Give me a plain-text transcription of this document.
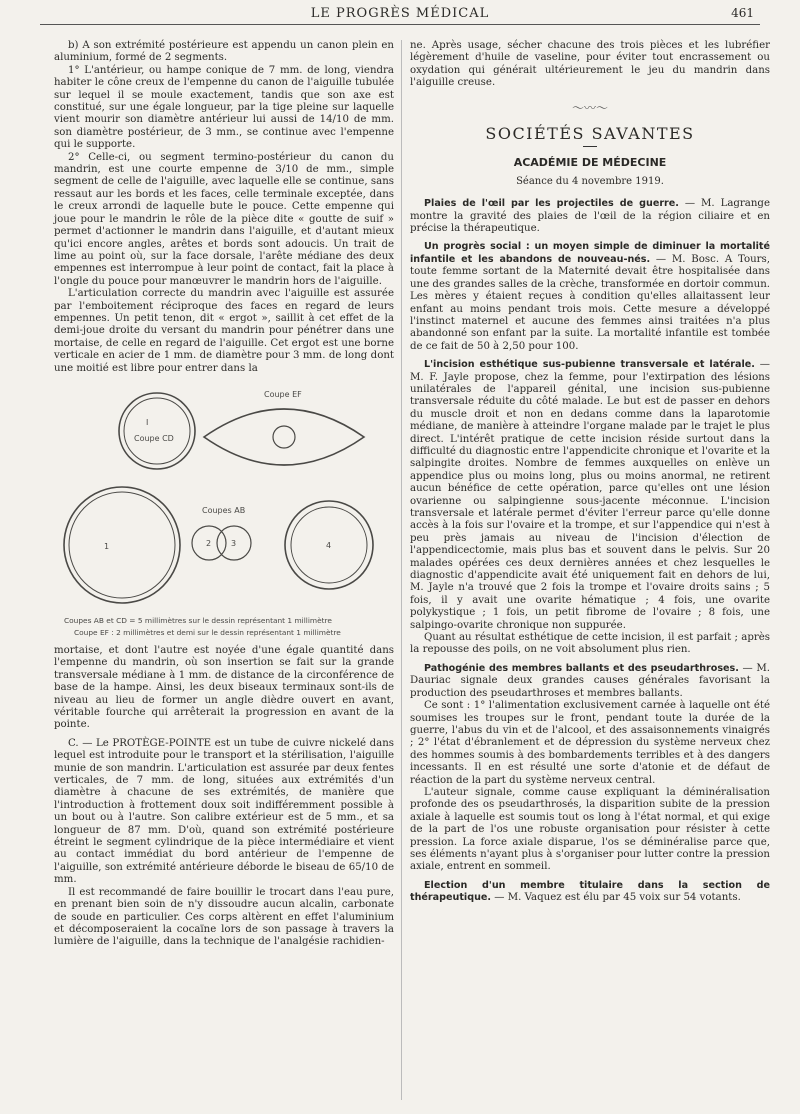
LE PROGRÈS MÉDICAL	461

b) A son extrémité postérieure est appendu un canon plein en aluminium, formé de 2 segments.

1° L'antérieur, ou hampe conique de 7 mm. de long, viendra habiter le cône creux de l'empenne du canon de l'aiguille tubulée sur lequel il se moule exactement, tandis que son axe est constitué, sur une égale longueur, par la tige pleine sur laquelle vient mourir son diamètre antérieur lui aussi de 14/10 de mm. son diamètre postérieur, de 3 mm., se continue avec l'empenne qui le supporte.

2° Celle-ci, ou segment termino-postérieur du canon du mandrin, est une courte empenne de 3/10 de mm., simple segment de celle de l'aiguille, avec laquelle elle se continue, sans ressaut aur les bords et les faces, celle terminale exceptée, dans le creux arrondi de laquelle bute le pouce. Cette empenne qui joue pour le mandrin le rôle de la pièce dite « goutte de suif » permet d'actionner le mandrin dans l'aiguille, et d'autant mieux qu'ici encore angles, arêtes et bords sont adoucis. Un trait de lime au point où, sur la face dorsale, l'arête médiane des deux empennes est interrompue à leur point de contact, fait la place à l'ongle du pouce pour manœuvrer le mandrin hors de l'aiguille.

L'articulation correcte du mandrin avec l'aiguille est assurée par l'emboitement réciproque des faces en regard de leurs empennes. Un petit tenon, dit « ergot », saillit à cet effet de la demi-joue droite du versant du mandrin pour pénétrer dans une mortaise, de celle en regard de l'aiguille. Cet ergot est une borne verticale en acier de 1 mm. de diamètre pour 3 mm. de long dont une moitié est libre pour entrer dans la

I
Coupe CD
Coupe EF
Coupes AB
1	2 3	4
Coupes AB et CD = 5 millimètres sur le dessin représentant 1 millimètre
Coupe EF : 2 millimètres et demi sur le dessin représentant 1 millimètre

mortaise, et dont l'autre est noyée d'une égale quantité dans l'empenne du mandrin, où son insertion se fait sur la grande transversale médiane à 1 mm. de distance de la circonférence de base de la hampe. Ainsi, les deux biseaux terminaux sont-ils de niveau au lieu de former un angle dièdre ouvert en avant, véritable fourche qui arrêterait la progression en avant de la pointe.

C. — Le PROTÈGE-POINTE est un tube de cuivre nickelé dans lequel est introduite pour le transport et la stérilisation, l'aiguille munie de son mandrin. L'articulation est assurée par deux fentes verticales, de 7 mm. de long, situées aux extrémités d'un diamètre à chacune de ses extrémités, de manière que l'introduction à frottement doux soit indifféremment possible à un bout ou à l'autre. Son calibre extérieur est de 5 mm., et sa longueur de 87 mm. D'où, quand son extrémité postérieure étreint le segment cylindrique de la pièce intermédiaire et vient au contact immédiat du bord antérieur de l'empenne de l'aiguille, son extrémité antérieure déborde le biseau de 65/10 de mm.

Il est recommandé de faire bouillir le trocart dans l'eau pure, en prenant bien soin de n'y dissoudre aucun alcalin, carbonate de soude en particulier. Ces corps altèrent en effet l'aluminium et décomposeraient la cocaïne lors de son passage à travers la lumière de l'aiguille, dans la technique de l'analgésie rachidien-

ne. Après usage, sécher chacune des trois pièces et les lubréfier légèrement d'huile de vaseline, pour éviter tout encrassement ou oxydation qui générait ultérieurement le jeu du mandrin dans l'aiguille creuse.

〜〰〜
SOCIÉTÉS SAVANTES
ACADÉMIE DE MÉDECINE
Séance du 4 novembre 1919.

Plaies de l'œil par les projectiles de guerre. — M. Lagrange montre la gravité des plaies de l'œil de la région ciliaire et en précise la thérapeutique.

Un progrès social : un moyen simple de diminuer la mortalité infantile et les abandons de nouveau-nés. — M. Bosc. A Tours, toute femme sortant de la Maternité devait être hospitalisée dans une des grandes salles de la crèche, transformée en dortoir commun. Les mères y étaient reçues à condition qu'elles allaitassent leur enfant au moins pendant trois mois. Cette mesure a développé l'instinct maternel et aucune des femmes ainsi traitées n'a plus abandonné son enfant par la suite. La mortalité infantile est tombée de ce fait de 50 à 2,50 pour 100.

L'incision esthétique sus-pubienne transversale et latérale. — M. F. Jayle propose, chez la femme, pour l'extirpation des lésions unilatérales de l'appareil génital, une incision sus-pubienne transversale réduite du côté malade. Le but est de passer en dehors du muscle droit et non en dedans comme dans la laparotomie médiane, de manière à atteindre l'organe malade par le trajet le plus direct. L'intérêt pratique de cette incision réside surtout dans la difficulté du diagnostic entre l'appendicite chronique et l'ovarite et la salpingite droites. Nombre de femmes auxquelles on enlève un appendice plus ou moins long, plus ou moins anormal, ne retirent aucun bénéfice de cette opération, parce qu'elles ont une lésion ovarienne ou salpingienne sous-jacente méconnue. L'incision transversale et latérale permet d'éviter l'erreur parce qu'elle donne accès à la fois sur l'ovaire et la trompe, et sur l'appendice qui n'est à peu près jamais au niveau de l'incision d'élection de l'appendicectomie, mais plus bas et souvent dans le pelvis. Sur 20 malades opérées ces deux dernières années et chez lesquelles le diagnostic d'appendicite avait été uniquement fait en dehors de lui, M. Jayle n'a trouvé que 2 fois la trompe et l'ovaire droits sains ; 5 fois, il y avait une ovarite hématique ; 4 fois, une ovarite polykystique ; 1 fois, un petit fibrome de l'ovaire ; 8 fois, une salpingo-ovarite chronique non suppurée.

Quant au résultat esthétique de cette incision, il est parfait ; après la repousse des poils, on ne voit absolument plus rien.

Pathogénie des membres ballants et des pseudarthroses. — M. Dauriac signale deux grandes causes générales favorisant la production des pseudarthroses et membres ballants.

Ce sont : 1° l'alimentation exclusivement carnée à laquelle ont été soumises les troupes sur le front, pendant toute la durée de la guerre, l'abus du vin et de l'alcool, et des assaisonnements vinaigrés ; 2° l'état d'ébranlement et de dépression du système nerveux chez des hommes soumis à des bombardements terribles et à des dangers incessants. Il en est résulté une sorte d'atonie et de défaut de réaction de la part du système nerveux central.

L'auteur signale, comme cause expliquant la déminéralisation profonde des os pseudarthrosés, la disparition subite de la pression axiale à laquelle est soumis tout os long à l'état normal, et qui exige de la part de l'os une robuste organisation pour résister à cette pression. La force axiale disparue, l'os se déminéralise parce que, ses éléments n'ayant plus à s'organiser pour lutter contre la pression axiale, entrent en sommeil.

Election d'un membre titulaire dans la section de thérapeutique. — M. Vaquez est élu par 45 voix sur 54 votants.
